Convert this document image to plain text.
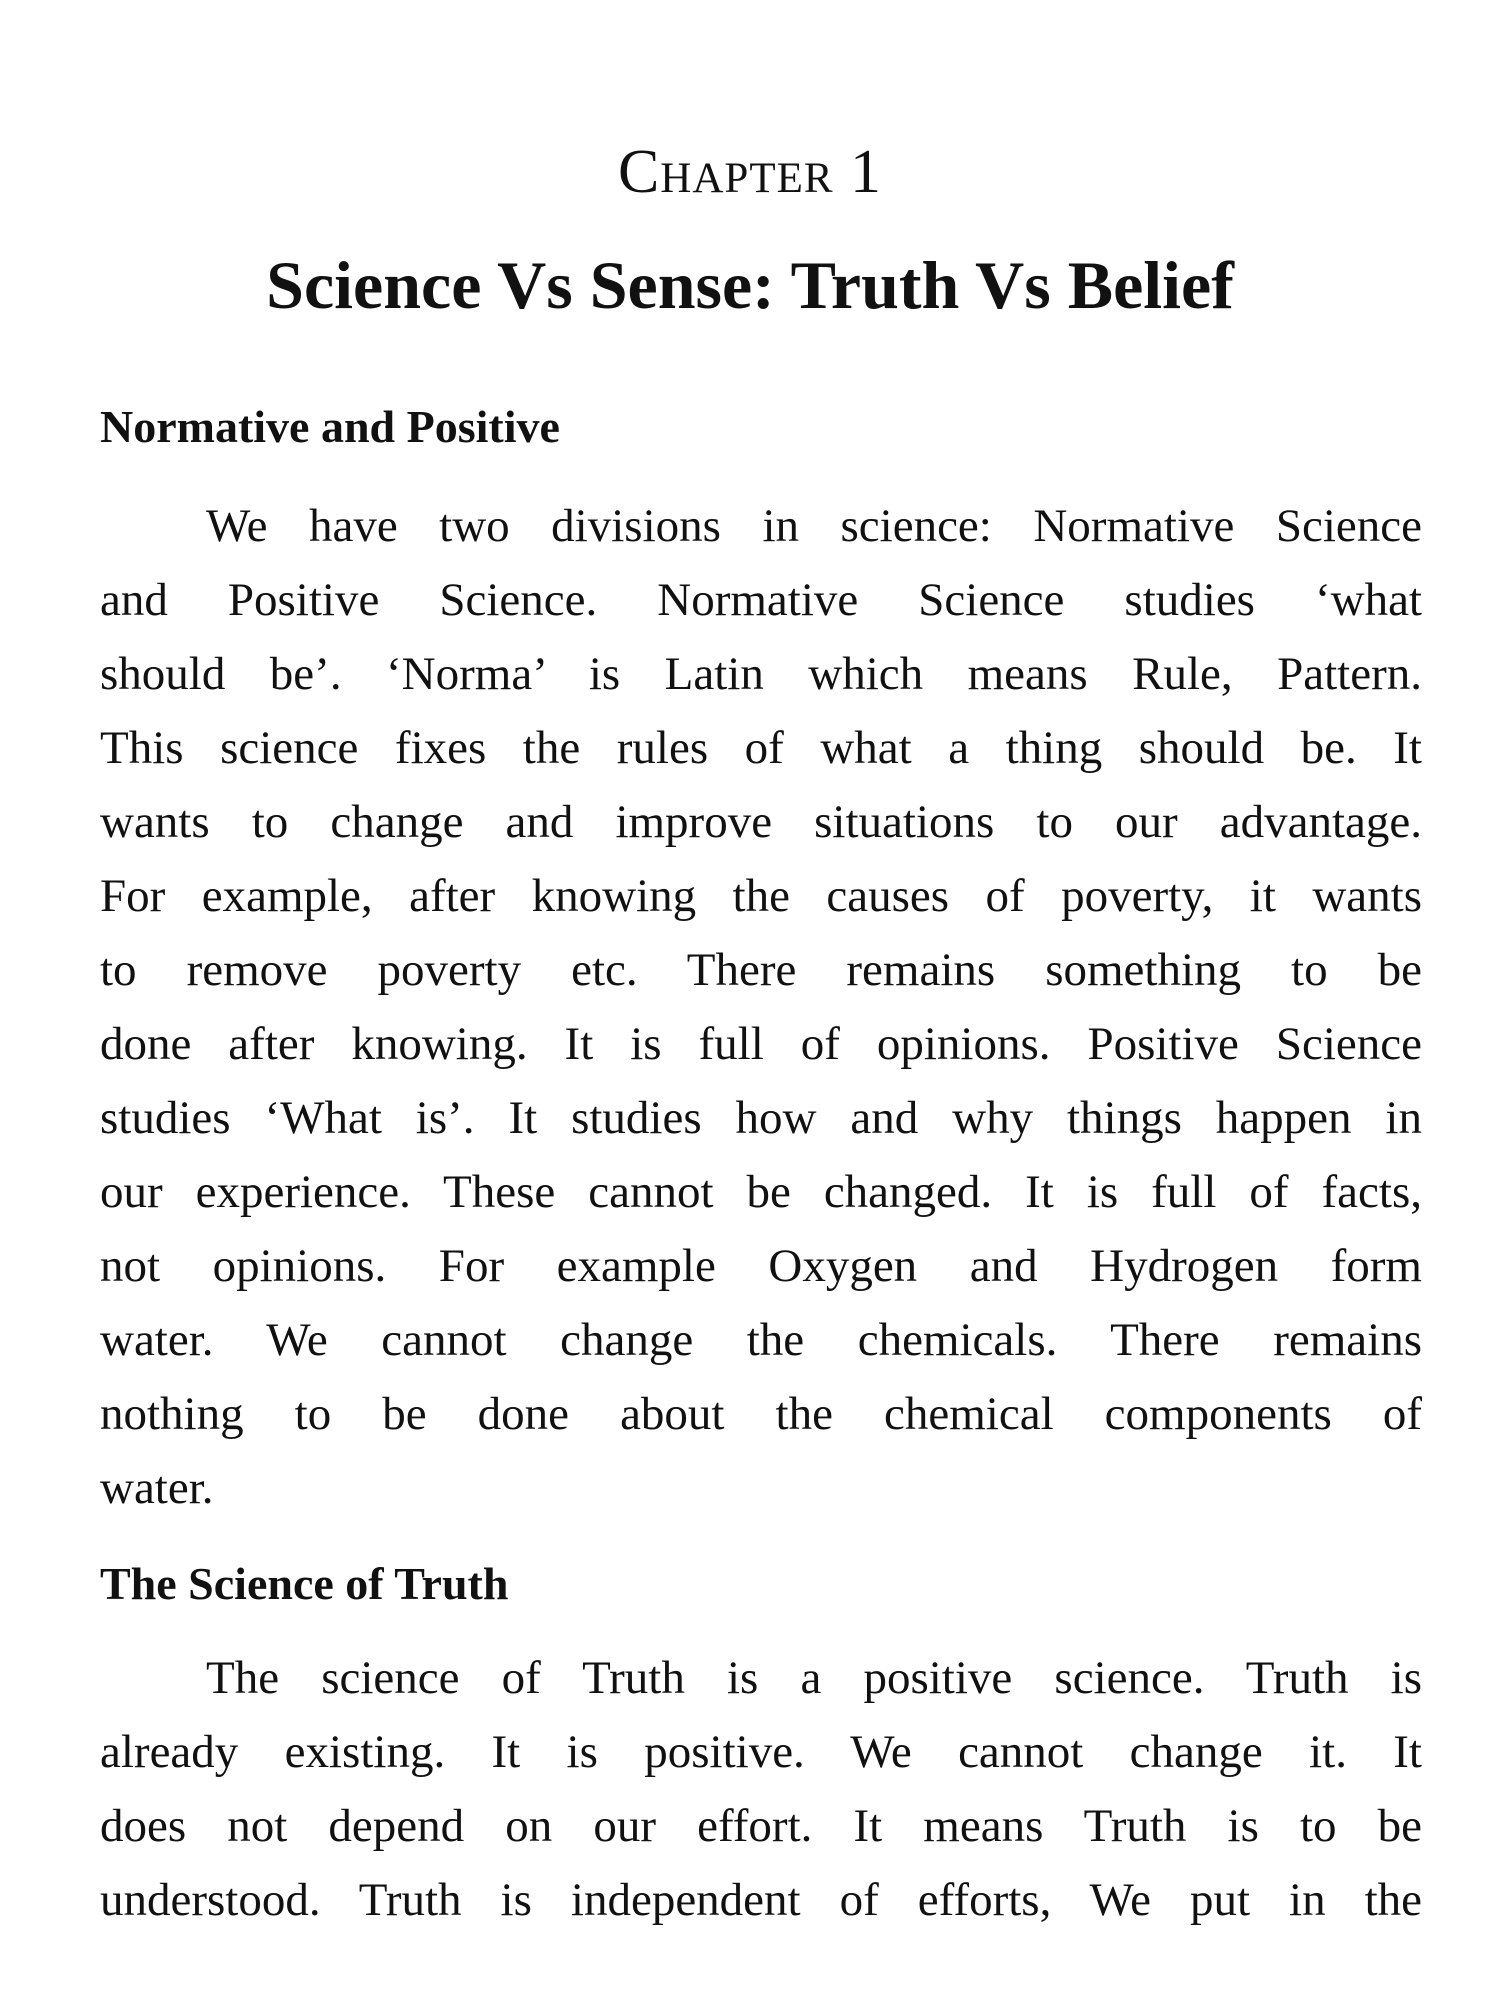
Chapter 1
Science Vs Sense: Truth Vs Belief
Normative and Positive
We have two divisions in science: Normative Science
and Positive Science. Normative Science studies ‘what
should be’. ‘Norma’ is Latin which means Rule, Pattern.
This science fixes the rules of what a thing should be. It
wants to change and improve situations to our advantage.
For example, after knowing the causes of poverty, it wants
to remove poverty etc. There remains something to be
done after knowing. It is full of opinions. Positive Science
studies ‘What is’. It studies how and why things happen in
our experience. These cannot be changed. It is full of facts,
not opinions. For example Oxygen and Hydrogen form
water. We cannot change the chemicals. There remains
nothing to be done about the chemical components of
water.
The Science of Truth
The science of Truth is a positive science. Truth is
already existing. It is positive. We cannot change it. It
does not depend on our effort. It means Truth is to be
understood. Truth is independent of efforts, We put in the
